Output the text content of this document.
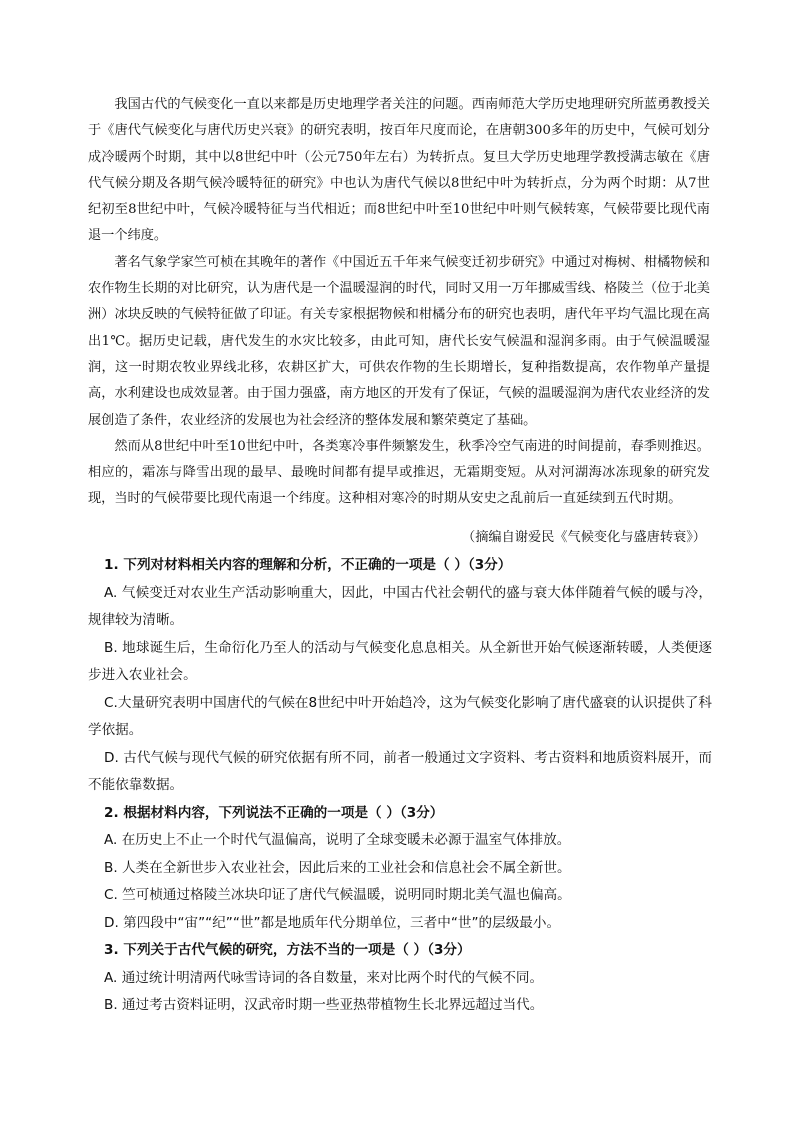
我国古代的气候变化一直以来都是历史地理学者关注的问题。西南师范大学历史地理研究所蓝勇教授关于《唐代气候变化与唐代历史兴衰》的研究表明，按百年尺度而论，在唐朝300多年的历史中，气候可划分成冷暖两个时期，其中以8世纪中叶（公元750年左右）为转折点。复旦大学历史地理学教授满志敏在《唐代气候分期及各期气候冷暖特征的研究》中也认为唐代气候以8世纪中叶为转折点，分为两个时期：从7世纪初至8世纪中叶，气候冷暖特征与当代相近；而8世纪中叶至10世纪中叶则气候转寒，气候带要比现代南退一个纬度。

著名气象学家竺可桢在其晚年的著作《中国近五千年来气候变迁初步研究》中通过对梅树、柑橘物候和农作物生长期的对比研究，认为唐代是一个温暖湿润的时代，同时又用一万年挪威雪线、格陵兰（位于北美洲）冰块反映的气候特征做了印证。有关专家根据物候和柑橘分布的研究也表明，唐代年平均气温比现在高出1℃。据历史记载，唐代发生的水灾比较多，由此可知，唐代长安气候温和湿润多雨。由于气候温暖湿润，这一时期农牧业界线北移，农耕区扩大，可供农作物的生长期增长，复种指数提高，农作物单产量提高，水利建设也成效显著。由于国力强盛，南方地区的开发有了保证，气候的温暖湿润为唐代农业经济的发展创造了条件，农业经济的发展也为社会经济的整体发展和繁荣奠定了基础。

然而从8世纪中叶至10世纪中叶，各类寒冷事件频繁发生，秋季冷空气南进的时间提前，春季则推迟。相应的，霜冻与降雪出现的最早、最晚时间都有提早或推迟，无霜期变短。从对河湖海冰冻现象的研究发现，当时的气候带要比现代南退一个纬度。这种相对寒冷的时期从安史之乱前后一直延续到五代时期。

（摘编自谢爱民《气候变化与盛唐转衰》）

1. 下列对材料相关内容的理解和分析，不正确的一项是（ ）（3分）

A. 气候变迁对农业生产活动影响重大，因此，中国古代社会朝代的盛与衰大体伴随着气候的暖与冷，规律较为清晰。

B. 地球诞生后，生命衍化乃至人的活动与气候变化息息相关。从全新世开始气候逐渐转暖，人类便逐步进入农业社会。

C.大量研究表明中国唐代的气候在8世纪中叶开始趋冷，这为气候变化影响了唐代盛衰的认识提供了科学依据。

D. 古代气候与现代气候的研究依据有所不同，前者一般通过文字资料、考古资料和地质资料展开，而不能依靠数据。

2. 根据材料内容，下列说法不正确的一项是（ ）（3分）

A. 在历史上不止一个时代气温偏高，说明了全球变暖未必源于温室气体排放。

B. 人类在全新世步入农业社会，因此后来的工业社会和信息社会不属全新世。

C. 竺可桢通过格陵兰冰块印证了唐代气候温暖，说明同时期北美气温也偏高。

D. 第四段中“宙”“纪”“世”都是地质年代分期单位，三者中“世”的层级最小。

3. 下列关于古代气候的研究，方法不当的一项是（ ）（3分）

A. 通过统计明清两代咏雪诗词的各自数量，来对比两个时代的气候不同。

B. 通过考古资料证明，汉武帝时期一些亚热带植物生长北界远超过当代。
